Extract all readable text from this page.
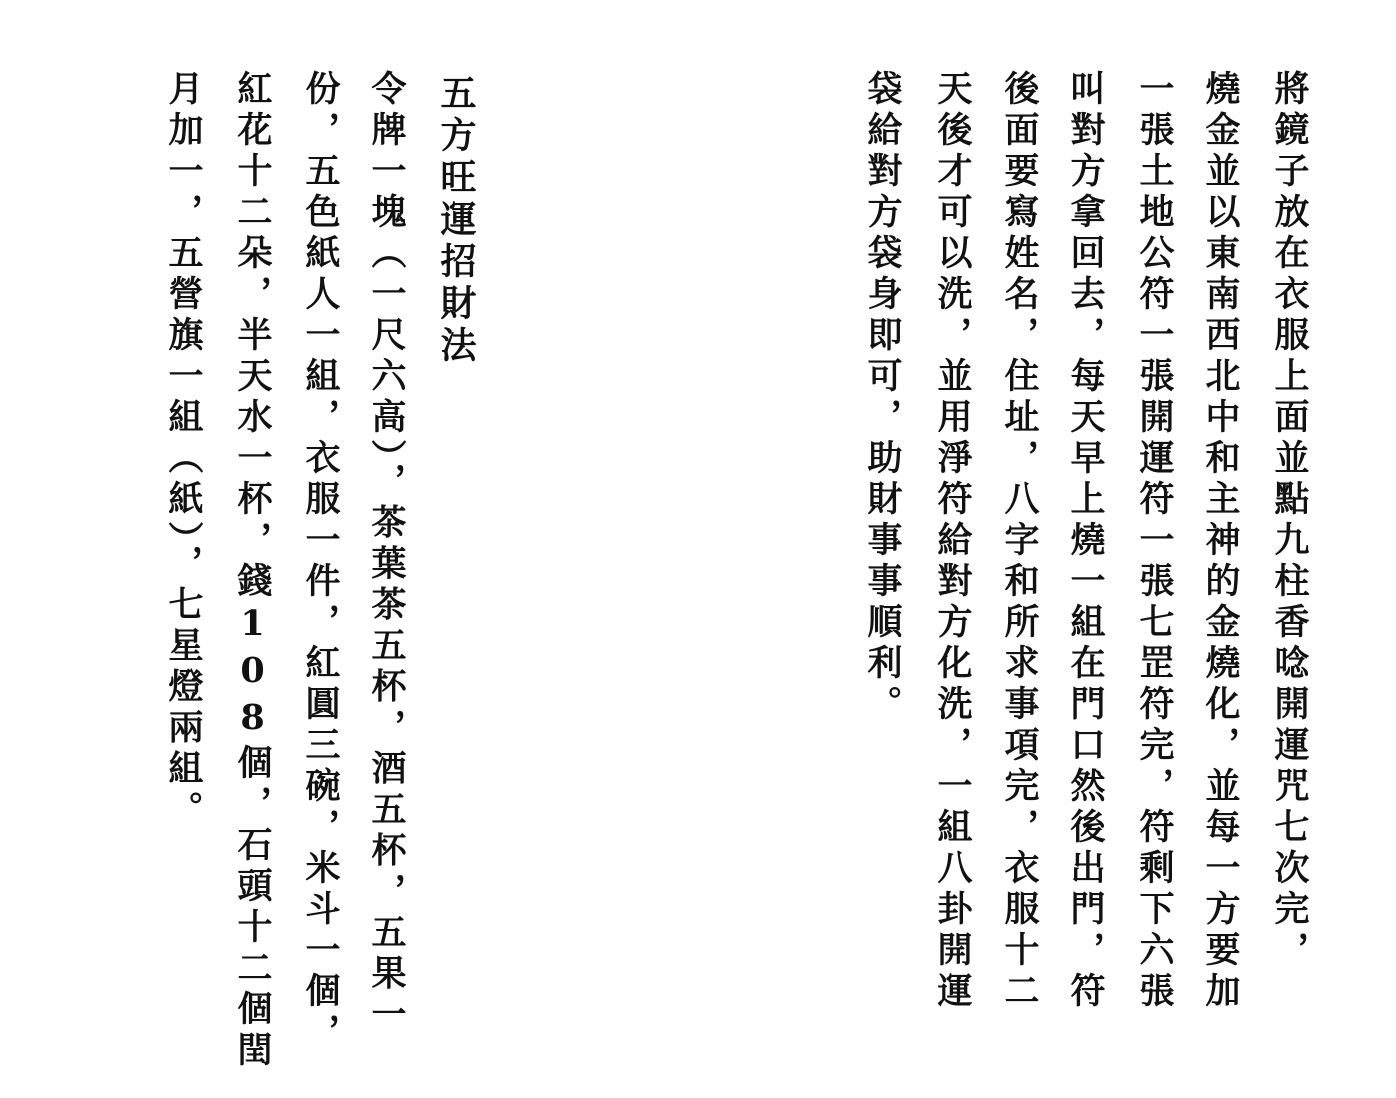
將鏡子放在衣服上面並點九柱香唸開運咒七次完，
燒金並以東南西北中和主神的金燒化，並每一方要加
一張土地公符一張開運符一張七罡符完，符剩下六張
叫對方拿回去，每天早上燒一組在門口然後出門，符
後面要寫姓名，住址，八字和所求事項完，衣服十二
天後才可以洗，並用淨符給對方化洗，一組八卦開運
袋給對方袋身即可，助財事事順利。
五方旺運招財法
令牌一塊（一尺六高），茶葉茶五杯，酒五杯，五果一
份，五色紙人一組，衣服一件，紅圓三碗，米斗一個，
紅花十二朵，半天水一杯，錢108個，石頭十二個閏
月加一，五營旗一組（紙），七星燈兩組。
